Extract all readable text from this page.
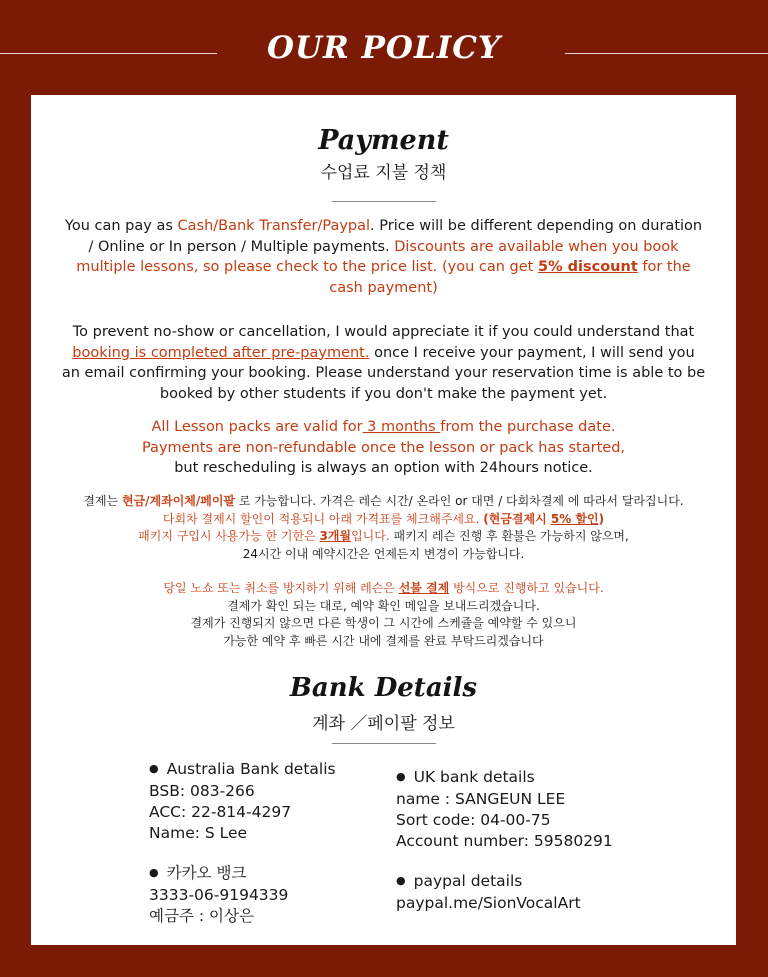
OUR POLICY
Payment
수업료 지불 정책

You can pay as Cash/Bank Transfer/Paypal. Price will be different depending on duration / Online or In person / Multiple payments. Discounts are available when you book multiple lessons, so please check to the price list. (you can get 5% discount for the cash payment)

To prevent no-show or cancellation, I would appreciate it if you could understand that booking is completed after pre-payment. once I receive your payment, I will send you an email confirming your booking. Please understand your reservation time is able to be booked by other students if you don't make the payment yet.

All Lesson packs are valid for 3 months from the purchase date.
Payments are non-refundable once the lesson or pack has started,
but rescheduling is always an option with 24hours notice.

결제는 현금/계좌이체/페이팔 로 가능합니다. 가격은 레슨 시간/ 온라인 or 대면 / 다회차결제 에 따라서 달라집니다.
다회차 결제시 할인이 적용되니 아래 가격표를 체크해주세요. (현금결제시 5% 할인)
패키지 구입시 사용가능 한 기한은 3개월입니다. 패키지 레슨 진행 후 환불은 가능하지 않으며,
24시간 이내 예약시간은 언제든지 변경이 가능합니다.

당일 노쇼 또는 취소를 방지하기 위해 레슨은 선불 결제 방식으로 진행하고 있습니다.
결제가 확인 되는 대로, 예약 확인 메일을 보내드리겠습니다.
결제가 진행되지 않으면 다른 학생이 그 시간에 스케쥴을 예약할 수 있으니
가능한 예약 후 빠른 시간 내에 결제를 완료 부탁드리겠습니다

Bank Details
계좌 ／페이팔 정보
● Australia Bank detalis
BSB: 083-266
ACC: 22-814-4297
Name: S Lee
● 카카오 뱅크
3333-06-9194339
예금주 : 이상은
● UK bank details
name : SANGEUN LEE
Sort code: 04-00-75
Account number: 59580291
● paypal details
paypal.me/SionVocalArt
